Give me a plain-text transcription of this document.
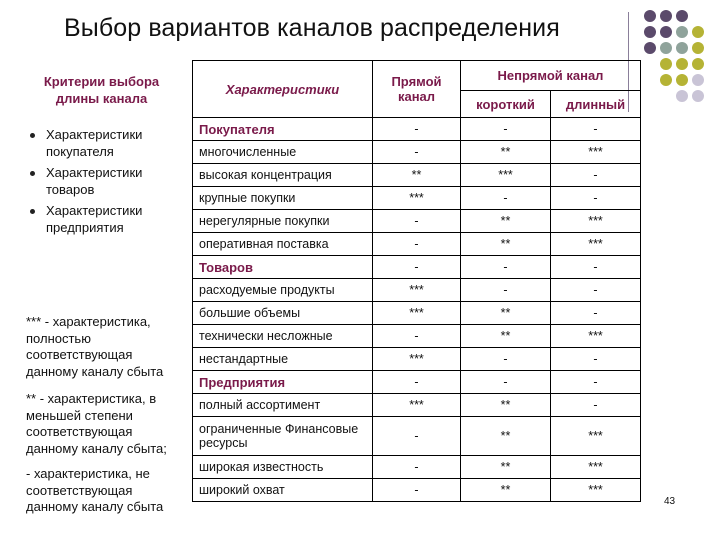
Выбор вариантов каналов распределения
Критерии выбора длины канала
Характеристики покупателя
Характеристики товаров
Характеристики предприятия
*** - характеристика, полностью соответствующая данному каналу сбыта
** - характеристика, в меньшей степени соответствующая данному каналу сбыта;
- характеристика, не соответствующая данному каналу сбыта
Характеристики	Прямой канал	Непрямой канал	
		короткий	длинный
Покупателя	-	-	-
многочисленные	-	**	***
высокая концентрация	**	***	-
крупные покупки	***	-	-
нерегулярные покупки	-	**	***
оперативная поставка	-	**	***
Товаров	-	-	-
расходуемые продукты	***	-	-
большие объемы	***	**	-
технически несложные	-	**	***
нестандартные	***	-	-
Предприятия	-	-	-
полный ассортимент	***	**	-
ограниченные Финансовые ресурсы	-	**	***
широкая известность	-	**	***
широкий охват	-	**	***
43
